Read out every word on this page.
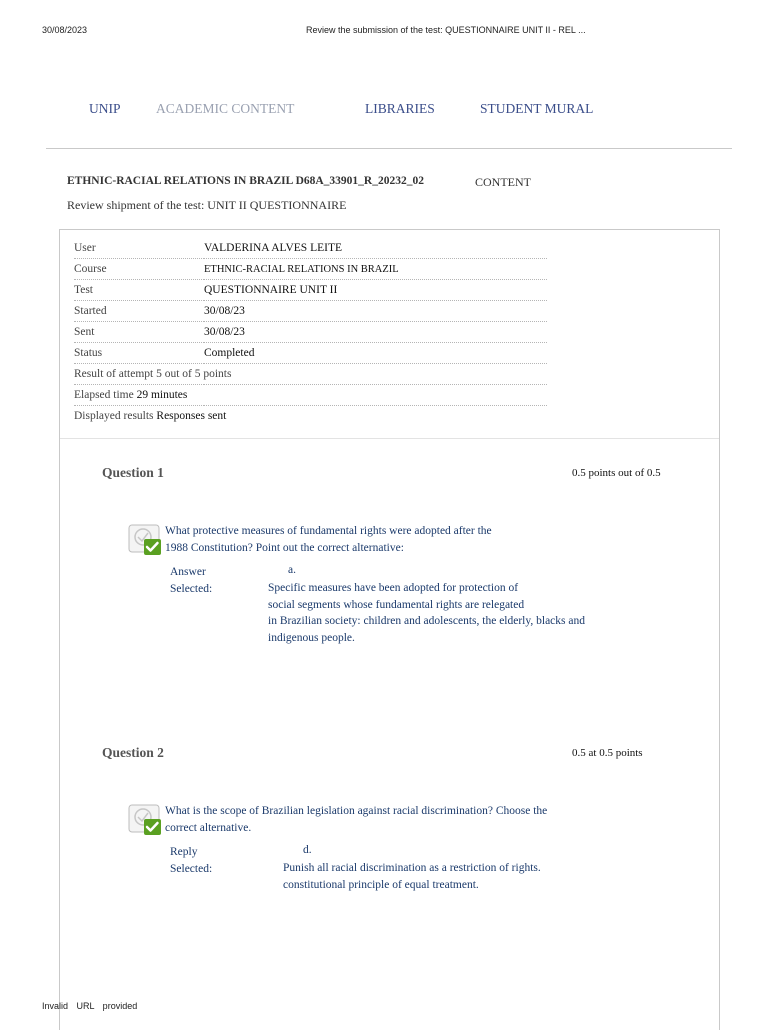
30/08/2023	Review the submission of the test: QUESTIONNAIRE UNIT II - REL ...
UNIP	ACADEMIC CONTENT	LIBRARIES	STUDENT MURAL
ETHNIC-RACIAL RELATIONS IN BRAZIL D68A_33901_R_20232_02	CONTENT
Review shipment of the test: UNIT II QUESTIONNAIRE
User	VALDERINA ALVES LEITE
Course	ETHNIC-RACIAL RELATIONS IN BRAZIL
Test	QUESTIONNAIRE UNIT II
Started	30/08/23
Sent	30/08/23
Status	Completed
Result of attempt 5 out of 5 points	
Elapsed time 29 minutes	
Displayed results Responses sent	
Question 1	0.5 points out of 0.5
What protective measures of fundamental rights were adopted after the
1988 Constitution? Point out the correct alternative:
Answer
Selected:
a.
Specific measures have been adopted for protection of
social segments whose fundamental rights are relegated
in Brazilian society: children and adolescents, the elderly, blacks and
indigenous people.
Question 2	0.5 at 0.5 points
What is the scope of Brazilian legislation against racial discrimination? Choose the
correct alternative.
Reply
Selected:
d.
Punish all racial discrimination as a restriction of rights.
constitutional principle of equal treatment.
Invalid URL provided
